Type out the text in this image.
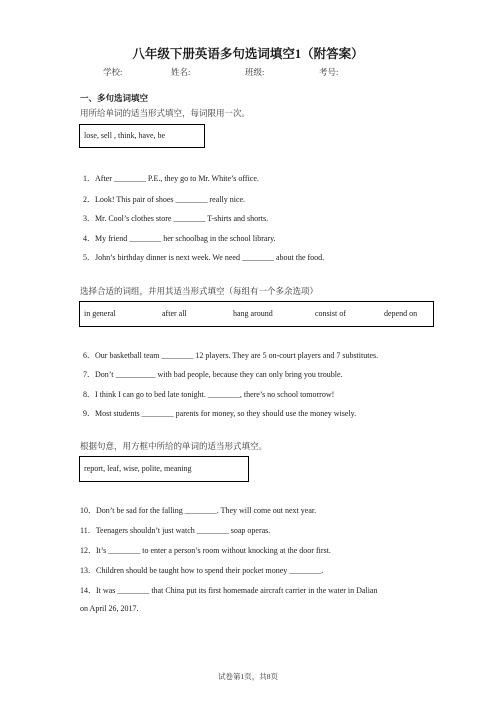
八年级下册英语多句选词填空1（附答案）
学校:	姓名:	班级:	考号:
一、多句选词填空
用所给单词的适当形式填空，每词限用一次。
lose, sell , think, have, be
1．After ________ P.E., they go to Mr. White’s office.
2．Look! This pair of shoes ________ really nice.
3．Mr. Cool’s clothes store ________ T-shirts and shorts.
4．My friend ________ her schoolbag in the school library.
5．John’s birthday dinner is next week. We need ________ about the food.
选择合适的词组，并用其适当形式填空（每组有一个多余选项）
in general	after all	hang around	consist of	depend on
6．Our basketball team ________ 12 players. They are 5 on-court players and 7 substitutes.
7．Don’t __________ with bad people, because they can only bring you trouble.
8．I think I can go to bed late tonight. ________, there’s no school tomorrow!
9．Most students ________ parents for money, so they should use the money wisely.
根据句意，用方框中所给的单词的适当形式填空。
report, leaf, wise, polite, meaning
10．Don’t be sad for the falling ________. They will come out next year.
11．Teenagers shouldn’t just watch ________ soap operas.
12．It’s ________ to enter a person’s room without knocking at the door first.
13．Children should be taught how to spend their pocket money ________.
14．It was ________ that China put its first homemade aircraft carrier in the water in Dalian
on April 26, 2017.
试卷第1页，共8页
